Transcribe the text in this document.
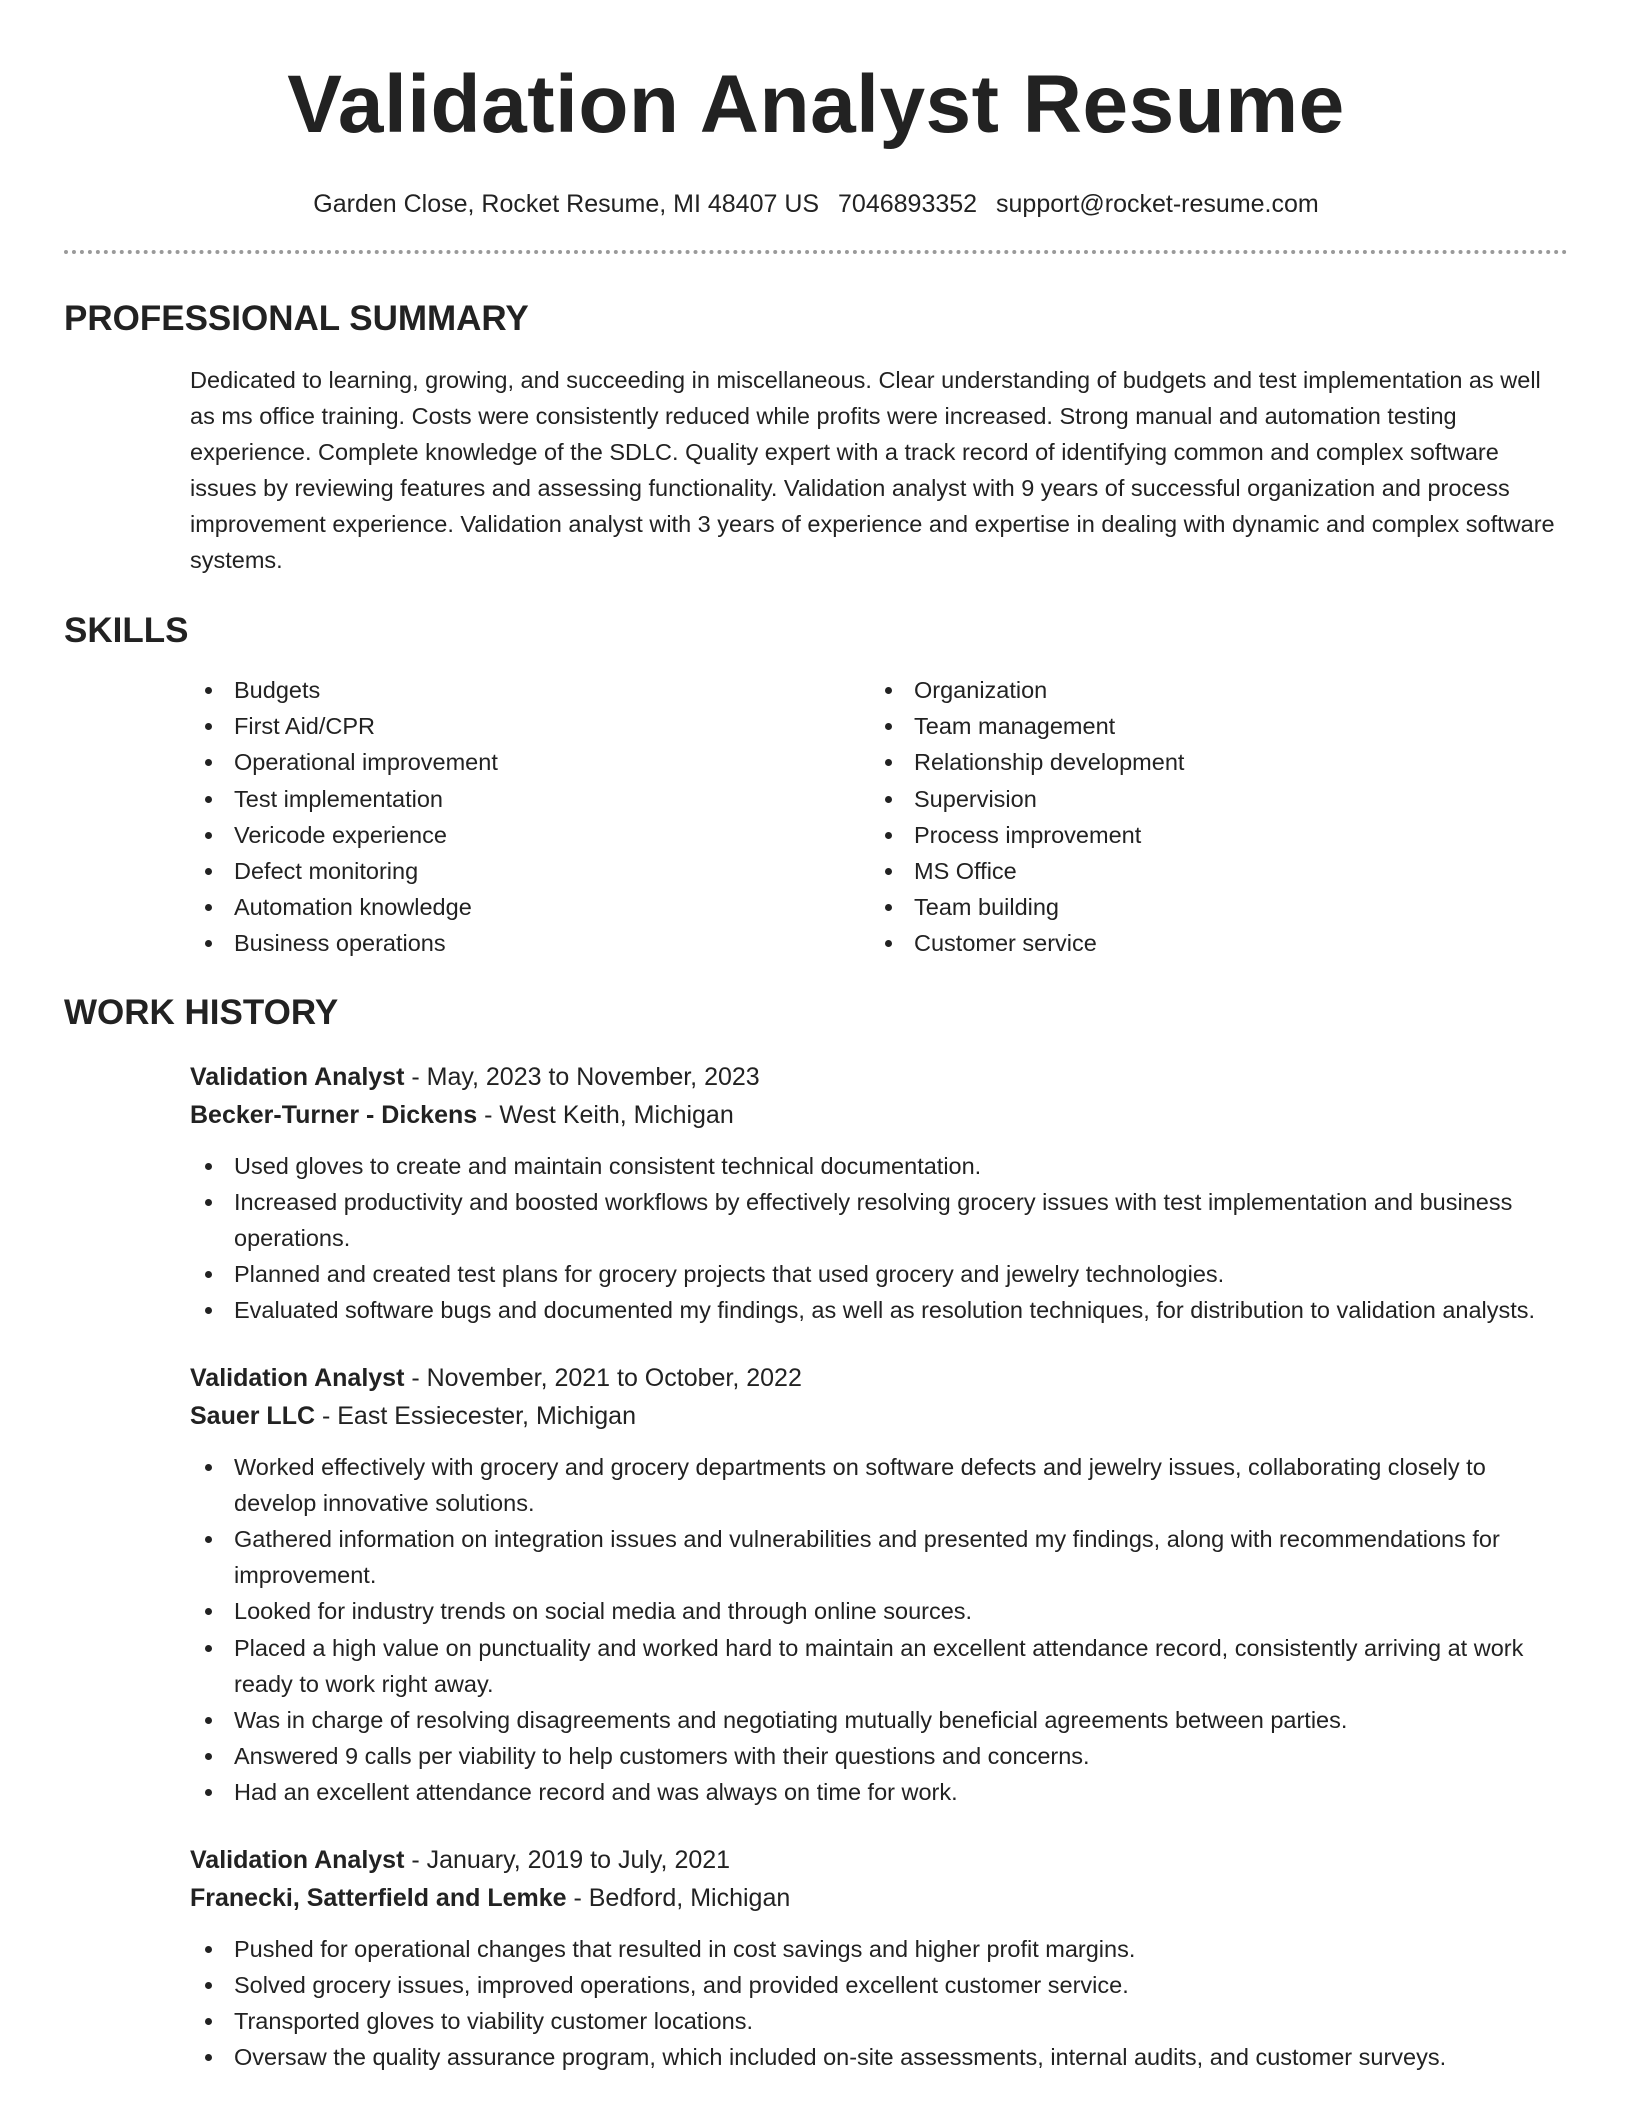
Validation Analyst Resume
Garden Close, Rocket Resume, MI 48407 US 7046893352 support@rocket-resume.com
PROFESSIONAL SUMMARY

Dedicated to learning, growing, and succeeding in miscellaneous. Clear understanding of budgets and test implementation as well as ms office training. Costs were consistently reduced while profits were increased. Strong manual and automation testing experience. Complete knowledge of the SDLC. Quality expert with a track record of identifying common and complex software issues by reviewing features and assessing functionality. Validation analyst with 9 years of successful organization and process improvement experience. Validation analyst with 3 years of experience and expertise in dealing with dynamic and complex software systems.

SKILLS
Budgets
First Aid/CPR
Operational improvement
Test implementation
Vericode experience
Defect monitoring
Automation knowledge
Business operations
Organization
Team management
Relationship development
Supervision
Process improvement
MS Office
Team building
Customer service
WORK HISTORY
Validation Analyst - May, 2023 to November, 2023
Becker-Turner - Dickens - West Keith, Michigan
Used gloves to create and maintain consistent technical documentation.
Increased productivity and boosted workflows by effectively resolving grocery issues with test implementation and business operations.
Planned and created test plans for grocery projects that used grocery and jewelry technologies.
Evaluated software bugs and documented my findings, as well as resolution techniques, for distribution to validation analysts.
Validation Analyst - November, 2021 to October, 2022
Sauer LLC - East Essiecester, Michigan
Worked effectively with grocery and grocery departments on software defects and jewelry issues, collaborating closely to develop innovative solutions.
Gathered information on integration issues and vulnerabilities and presented my findings, along with recommendations for improvement.
Looked for industry trends on social media and through online sources.
Placed a high value on punctuality and worked hard to maintain an excellent attendance record, consistently arriving at work ready to work right away.
Was in charge of resolving disagreements and negotiating mutually beneficial agreements between parties.
Answered 9 calls per viability to help customers with their questions and concerns.
Had an excellent attendance record and was always on time for work.
Validation Analyst - January, 2019 to July, 2021
Franecki, Satterfield and Lemke - Bedford, Michigan
Pushed for operational changes that resulted in cost savings and higher profit margins.
Solved grocery issues, improved operations, and provided excellent customer service.
Transported gloves to viability customer locations.
Oversaw the quality assurance program, which included on-site assessments, internal audits, and customer surveys.
